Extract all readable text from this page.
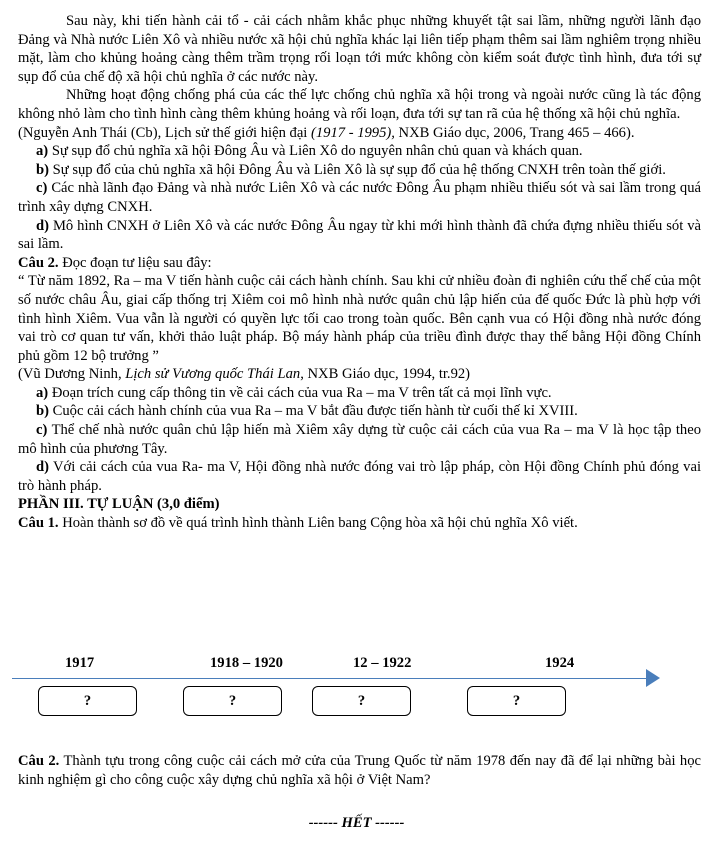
Sau này, khi tiến hành cải tổ - cải cách nhằm khắc phục những khuyết tật sai lầm, những người lãnh đạo Đảng và Nhà nước Liên Xô và nhiều nước xã hội chủ nghĩa khác lại liên tiếp phạm thêm sai lầm nghiêm trọng nhiều mặt, làm cho khủng hoảng càng thêm trầm trọng rối loạn tới mức không còn kiểm soát được tình hình, đưa tới sự sụp đổ của chế độ xã hội chủ nghĩa ở các nước này.

Những hoạt động chống phá của các thế lực chống chủ nghĩa xã hội trong và ngoài nước cũng là tác động không nhỏ làm cho tình hình càng thêm khủng hoảng và rối loạn, đưa tới sự tan rã của hệ thống xã hội chủ nghĩa.

(Nguyễn Anh Thái (Cb), Lịch sử thế giới hiện đại (1917 - 1995), NXB Giáo dục, 2006, Trang 465 – 466).

a) Sự sụp đổ chủ nghĩa xã hội Đông Âu và Liên Xô do nguyên nhân chủ quan và khách quan.

b) Sự sụp đổ của chủ nghĩa xã hội Đông Âu và Liên Xô là sự sụp đổ của hệ thống CNXH trên toàn thế giới.

c) Các nhà lãnh đạo Đảng và nhà nước Liên Xô và các nước Đông Âu phạm nhiều thiếu sót và sai lầm trong quá trình xây dựng CNXH.

d) Mô hình CNXH ở Liên Xô và các nước Đông Âu ngay từ khi mới hình thành đã chứa đựng nhiều thiếu sót và sai lầm.

Câu 2. Đọc đoạn tư liệu sau đây:

“ Từ năm 1892, Ra – ma V tiến hành cuộc cải cách hành chính. Sau khi cử nhiều đoàn đi nghiên cứu thể chế của một số nước châu Âu, giai cấp thống trị Xiêm coi mô hình nhà nước quân chủ lập hiến của đế quốc Đức là phù hợp với tình hình Xiêm. Vua vẫn là người có quyền lực tối cao trong toàn quốc. Bên cạnh vua có Hội đồng nhà nước đóng vai trò cơ quan tư vấn, khởi thảo luật pháp. Bộ máy hành pháp của triều đình được thay thế bằng Hội đồng Chính phủ gồm 12 bộ trưởng ”

(Vũ Dương Ninh, Lịch sử Vương quốc Thái Lan, NXB Giáo dục, 1994, tr.92)

a) Đoạn trích cung cấp thông tin về cải cách của vua Ra – ma V trên tất cả mọi lĩnh vực.

b) Cuộc cải cách hành chính của vua Ra – ma V bắt đầu được tiến hành từ cuối thế kỉ XVIII.

c) Thể chế nhà nước quân chủ lập hiến mà Xiêm xây dựng từ cuộc cải cách của vua Ra – ma V là học tập theo mô hình của phương Tây.

d) Với cải cách của vua Ra- ma V, Hội đồng nhà nước đóng vai trò lập pháp, còn Hội đồng Chính phủ đóng vai trò hành pháp.

PHẦN III. TỰ LUẬN (3,0 điểm)

Câu 1. Hoàn thành sơ đồ về quá trình hình thành Liên bang Cộng hòa xã hội chủ nghĩa Xô viết.

1917	1918 – 1920	12 – 1922	1924
?	?	?	?

Câu 2. Thành tựu trong công cuộc cải cách mở cửa của Trung Quốc từ năm 1978 đến nay đã để lại những bài học kinh nghiệm gì cho công cuộc xây dựng chủ nghĩa xã hội ở Việt Nam?

------ HẾT ------
